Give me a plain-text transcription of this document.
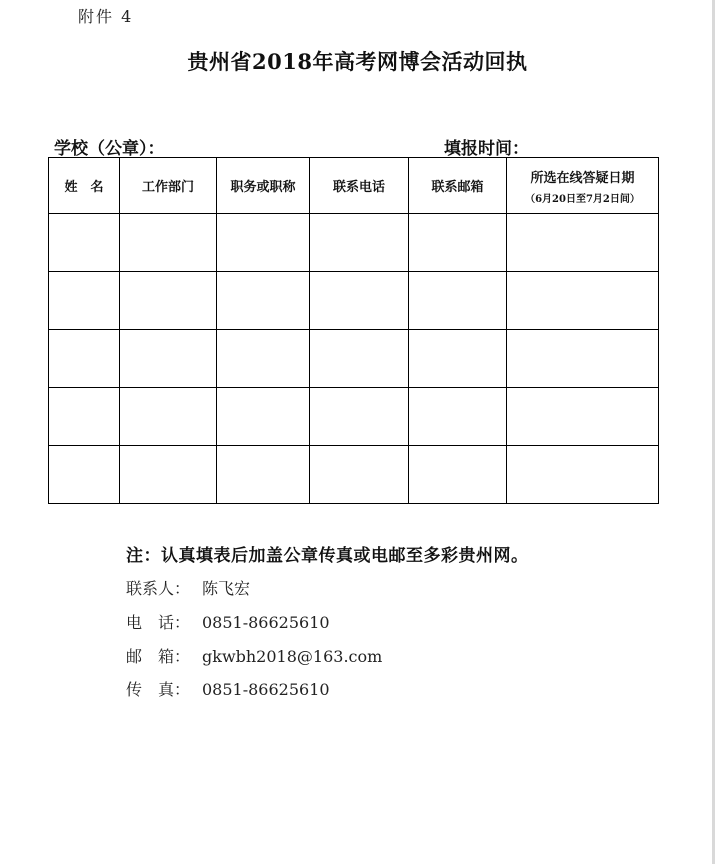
附件 4
贵州省2018年高考网博会活动回执
学校（公章）：	填报时间：
姓　名	工作部门	职务或职称	联系电话	联系邮箱	所选在线答疑日期
（6月20日至7月2日间）

注：认真填表后加盖公章传真或电邮至多彩贵州网。
联系人： 陈飞宏
电　话： 0851-86625610
邮　箱： gkwbh2018@163.com
传　真： 0851-86625610
